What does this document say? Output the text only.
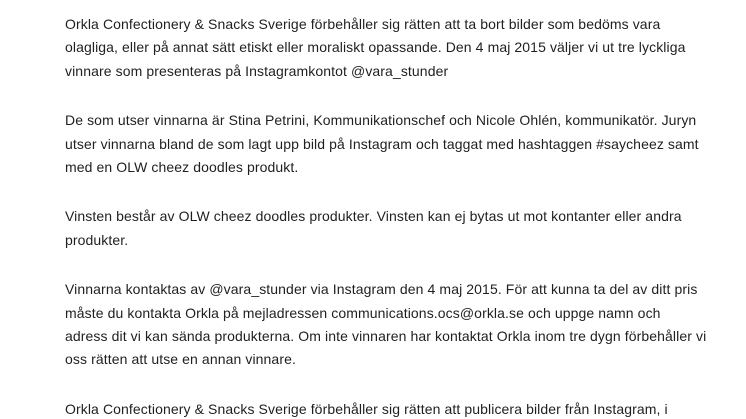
Orkla Confectionery & Snacks Sverige förbehåller sig rätten att ta bort bilder som bedöms vara
olagliga, eller på annat sätt etiskt eller moraliskt opassande. Den 4 maj 2015 väljer vi ut tre lyckliga
vinnare som presenteras på Instagramkontot @vara_stunder
De som utser vinnarna är Stina Petrini, Kommunikationschef och Nicole Ohlén, kommunikatör. Juryn
utser vinnarna bland de som lagt upp bild på Instagram och taggat med hashtaggen #saycheez samt
med en OLW cheez doodles produkt.
Vinsten består av OLW cheez doodles produkter. Vinsten kan ej bytas ut mot kontanter eller andra
produkter.
Vinnarna kontaktas av @vara_stunder via Instagram den 4 maj 2015. För att kunna ta del av ditt pris
måste du kontakta Orkla på mejladressen communications.ocs@orkla.se och uppge namn och
adress dit vi kan sända produkterna. Om inte vinnaren har kontaktat Orkla inom tre dygn förbehåller vi
oss rätten att utse en annan vinnare.
Orkla Confectionery & Snacks Sverige förbehåller sig rätten att publicera bilder från Instagram, i
